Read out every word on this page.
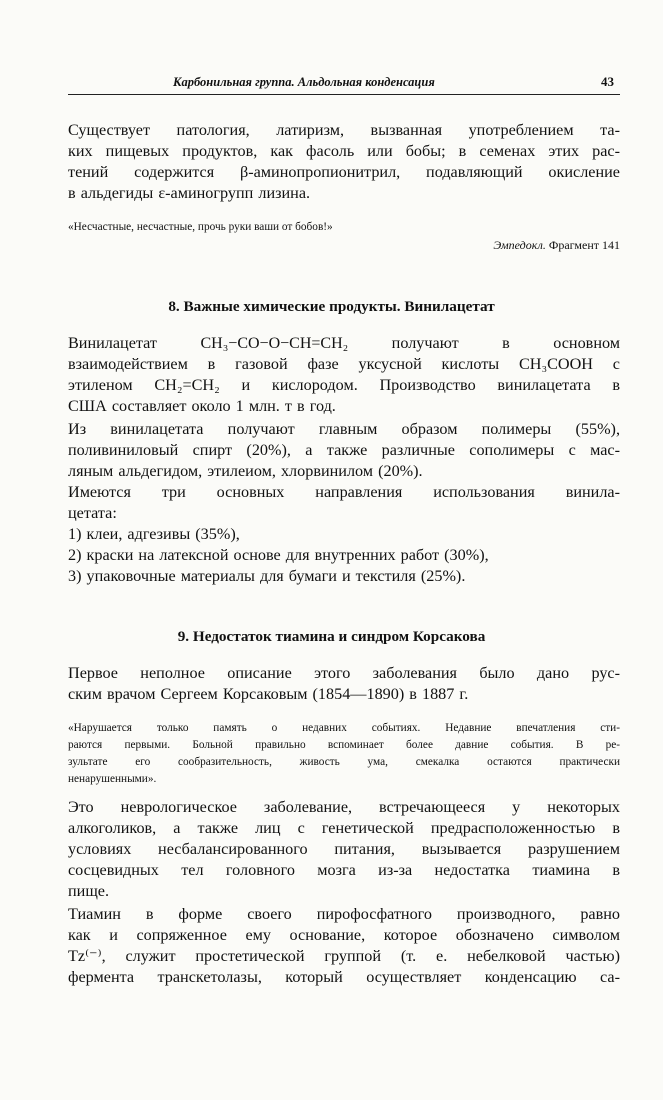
Карбонильная группа. Альдольная конденсация	43

Существует патология, латиризм, вызванная употреблением та-

ких пищевых продуктов, как фасоль или бобы; в семенах этих рас-

тений содержится β-аминопропионитрил, подавляющий окисление

в альдегиды ε-аминогрупп лизина.

«Несчастные, несчастные, прочь руки ваши от бобов!»

Эмпедокл. Фрагмент 141
8. Важные химические продукты. Винилацетат

Винилацетат	CH₃−CO−O−CH=CH₂	получают в основном

взаимодействием в газовой фазе уксусной кислоты CH₃COOH с

этиленом CH₂=CH₂ и кислородом. Производство винилацетата в

США составляет около 1 млн. т в год.

Из винилацетата получают главным образом полимеры (55%),

поливиниловый спирт (20%), а также различные сополимеры с мас-

ляным альдегидом, этилеиом, хлорвинилом (20%).

Имеются три основных направления использования винила-

цетата:

1) клеи, адгезивы (35%),

2) краски на латексной основе для внутренних работ (30%),

3) упаковочные материалы для бумаги и текстиля (25%).

9. Недостаток тиамина и синдром Корсакова

Первое неполное описание этого заболевания было дано рус-

ским врачом Сергеем Корсаковым (1854—1890) в 1887 г.

«Нарушается только память о недавних событиях. Недавние впечатления сти-

раются первыми. Больной правильно вспоминает более давние события. В ре-

зультате его сообразительность, живость ума, смекалка остаются практически

ненарушенными».

Это неврологическое заболевание, встречающееся у некоторых

алкоголиков, а также лиц с генетической предрасположенностью в

условиях несбалансированного питания, вызывается разрушением

сосцевидных тел головного мозга из-за недостатка тиамина в

пище.

Тиамин в форме своего пирофосфатного производного, равно

как и сопряженное ему основание, которое обозначено символом

Tz⁽⁻⁾, служит простетической группой (т. е. небелковой частью)

фермента транскетолазы, который осуществляет конденсацию са-
